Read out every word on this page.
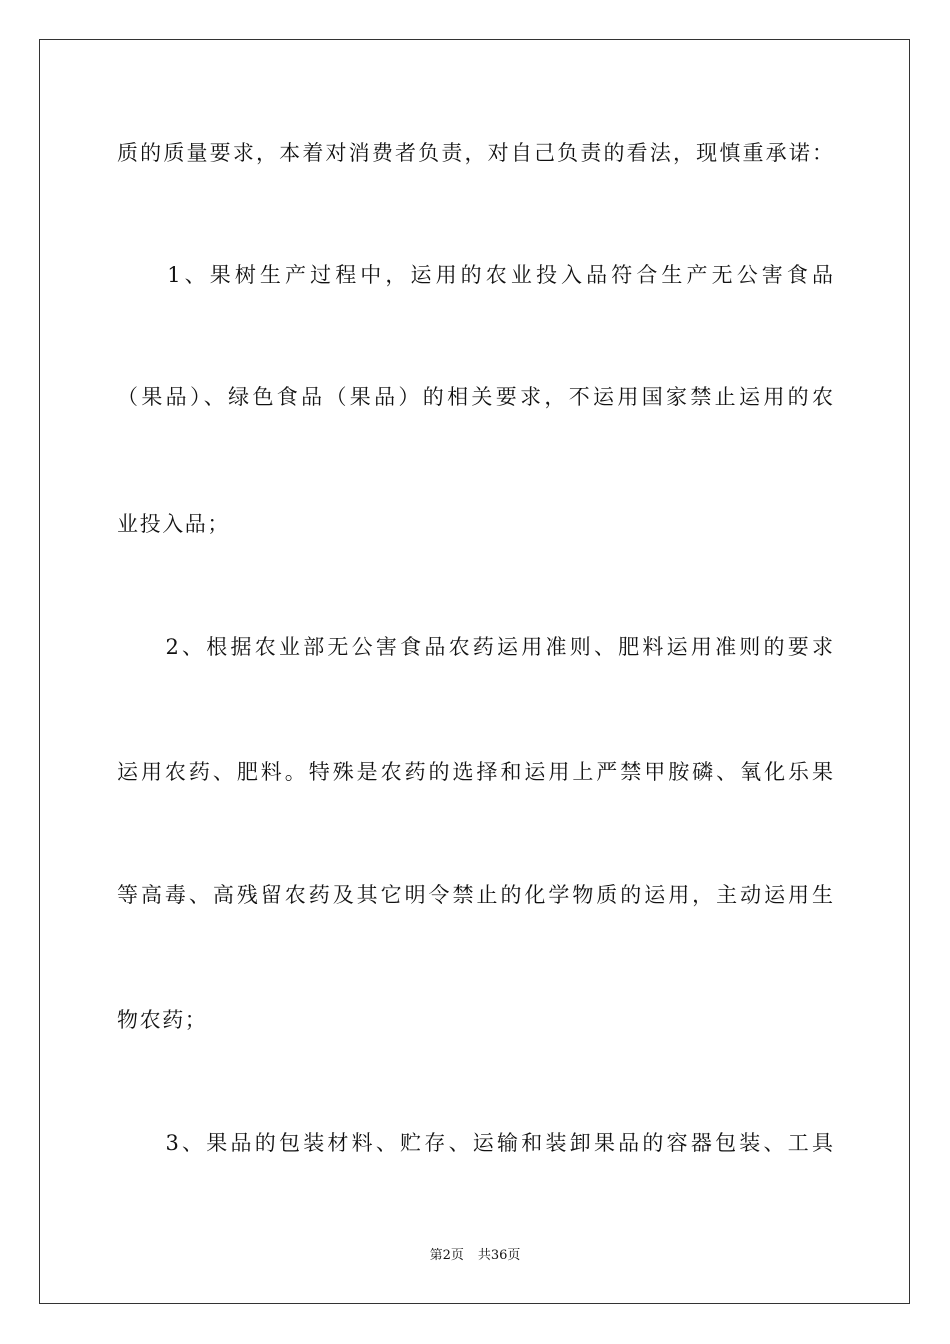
质的质量要求，本着对消费者负责，对自己负责的看法，现慎重承诺：
　　1、果树生产过程中，运用的农业投入品符合生产无公害食品
（果品）、绿色食品（果品）的相关要求，不运用国家禁止运用的农
业投入品；
　　2、根据农业部无公害食品农药运用准则、肥料运用准则的要求
运用农药、肥料。特殊是农药的选择和运用上严禁甲胺磷、氧化乐果
等高毒、高残留农药及其它明令禁止的化学物质的运用，主动运用生
物农药；
　　3、果品的包装材料、贮存、运输和装卸果品的容器包装、工具
第2页 共36页
